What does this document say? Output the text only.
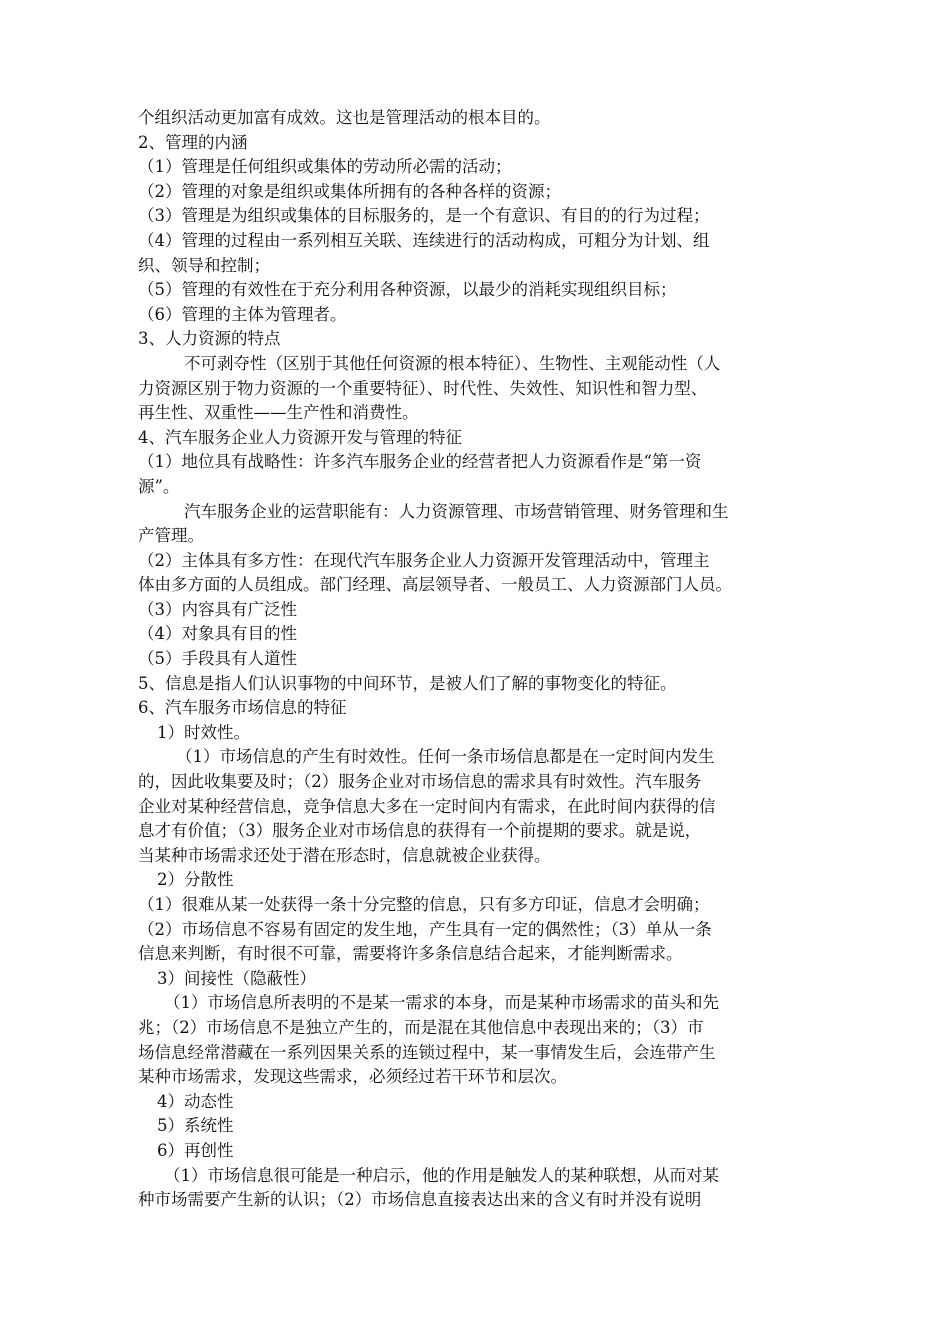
个组织活动更加富有成效。这也是管理活动的根本目的。
2、管理的内涵
（1）管理是任何组织或集体的劳动所必需的活动；
（2）管理的对象是组织或集体所拥有的各种各样的资源；
（3）管理是为组织或集体的目标服务的，是一个有意识、有目的的行为过程；
（4）管理的过程由一系列相互关联、连续进行的活动构成，可粗分为计划、组
织、领导和控制；
（5）管理的有效性在于充分利用各种资源，以最少的消耗实现组织目标；
（6）管理的主体为管理者。
3、人力资源的特点
不可剥夺性（区别于其他任何资源的根本特征）、生物性、主观能动性（人
力资源区别于物力资源的一个重要特征）、时代性、失效性、知识性和智力型、
再生性、双重性——生产性和消费性。
4、汽车服务企业人力资源开发与管理的特征
（1）地位具有战略性：许多汽车服务企业的经营者把人力资源看作是“第一资
源”。
汽车服务企业的运营职能有：人力资源管理、市场营销管理、财务管理和生
产管理。
（2）主体具有多方性：在现代汽车服务企业人力资源开发管理活动中，管理主
体由多方面的人员组成。部门经理、高层领导者、一般员工、人力资源部门人员。
（3）内容具有广泛性
（4）对象具有目的性
（5）手段具有人道性
5、信息是指人们认识事物的中间环节，是被人们了解的事物变化的特征。
6、汽车服务市场信息的特征
1）时效性。
（1）市场信息的产生有时效性。任何一条市场信息都是在一定时间内发生
的，因此收集要及时；（2）服务企业对市场信息的需求具有时效性。汽车服务
企业对某种经营信息，竞争信息大多在一定时间内有需求，在此时间内获得的信
息才有价值；（3）服务企业对市场信息的获得有一个前提期的要求。就是说，
当某种市场需求还处于潜在形态时，信息就被企业获得。
2）分散性
（1）很难从某一处获得一条十分完整的信息，只有多方印证，信息才会明确；
（2）市场信息不容易有固定的发生地，产生具有一定的偶然性；（3）单从一条
信息来判断，有时很不可靠，需要将许多条信息结合起来，才能判断需求。
3）间接性（隐蔽性）
（1）市场信息所表明的不是某一需求的本身，而是某种市场需求的苗头和先
兆；（2）市场信息不是独立产生的，而是混在其他信息中表现出来的；（3）市
场信息经常潜藏在一系列因果关系的连锁过程中，某一事情发生后，会连带产生
某种市场需求，发现这些需求，必须经过若干环节和层次。
4）动态性
5）系统性
6）再创性
（1）市场信息很可能是一种启示，他的作用是触发人的某种联想，从而对某
种市场需要产生新的认识；（2）市场信息直接表达出来的含义有时并没有说明
